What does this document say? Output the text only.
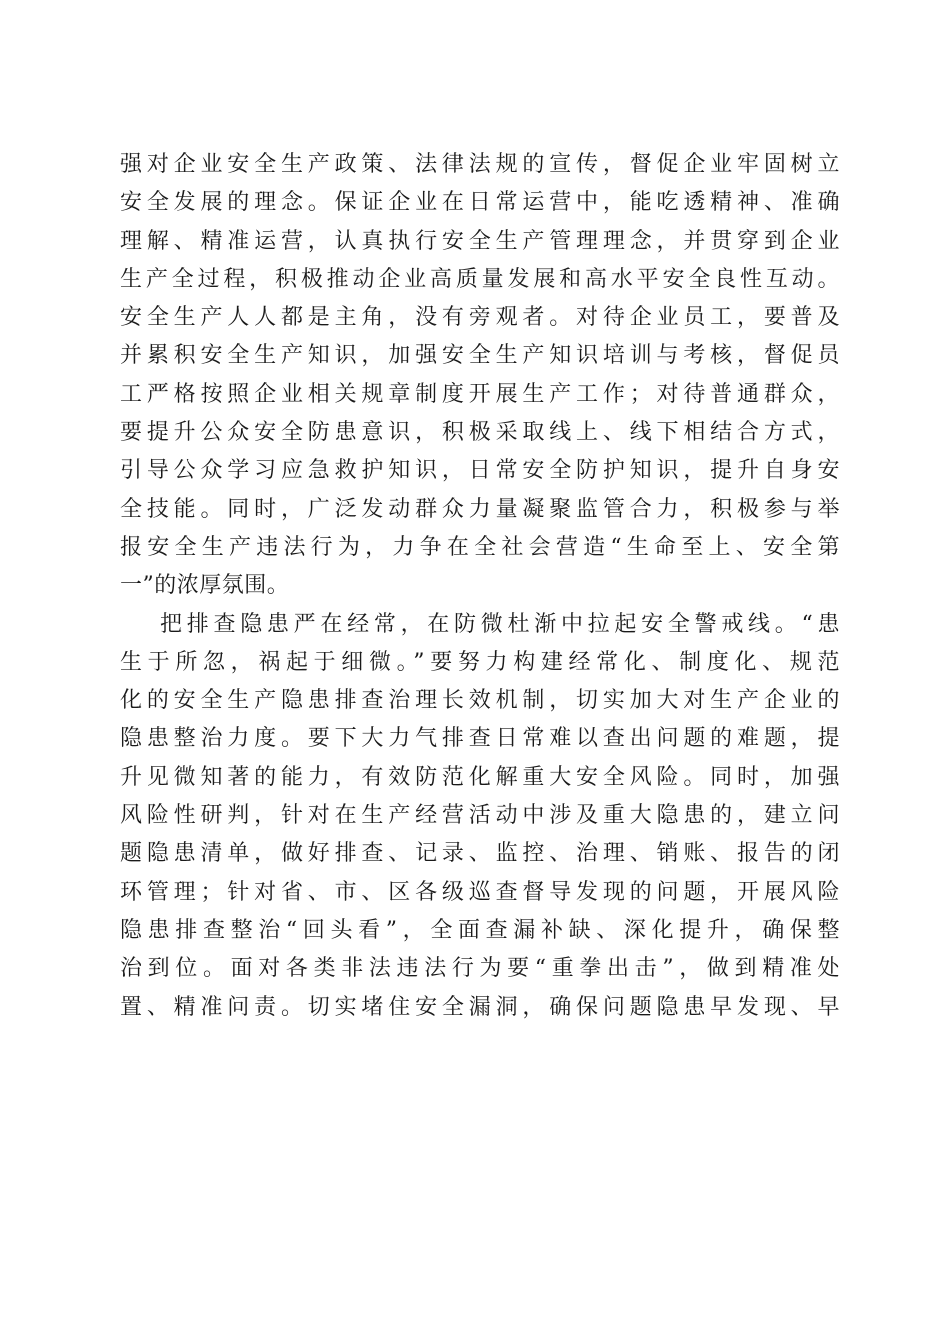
强对企业安全生产政策、法律法规的宣传，督促企业牢固树立
安全发展的理念。保证企业在日常运营中，能吃透精神、准确
理解、精准运营，认真执行安全生产管理理念，并贯穿到企业
生产全过程，积极推动企业高质量发展和高水平安全良性互动。
安全生产人人都是主角，没有旁观者。对待企业员工，要普及
并累积安全生产知识，加强安全生产知识培训与考核，督促员
工严格按照企业相关规章制度开展生产工作；对待普通群众，
要提升公众安全防患意识，积极采取线上、线下相结合方式，
引导公众学习应急救护知识，日常安全防护知识，提升自身安
全技能。同时，广泛发动群众力量凝聚监管合力，积极参与举
报安全生产违法行为，力争在全社会营造“生命至上、安全第
一”的浓厚氛围。
把排查隐患严在经常，在防微杜渐中拉起安全警戒线。“患
生于所忽，祸起于细微。”要努力构建经常化、制度化、规范
化的安全生产隐患排查治理长效机制，切实加大对生产企业的
隐患整治力度。要下大力气排查日常难以查出问题的难题，提
升见微知著的能力，有效防范化解重大安全风险。同时，加强
风险性研判，针对在生产经营活动中涉及重大隐患的，建立问
题隐患清单，做好排查、记录、监控、治理、销账、报告的闭
环管理；针对省、市、区各级巡查督导发现的问题，开展风险
隐患排查整治“回头看”，全面查漏补缺、深化提升，确保整
治到位。面对各类非法违法行为要“重拳出击”，做到精准处
置、精准问责。切实堵住安全漏洞，确保问题隐患早发现、早
